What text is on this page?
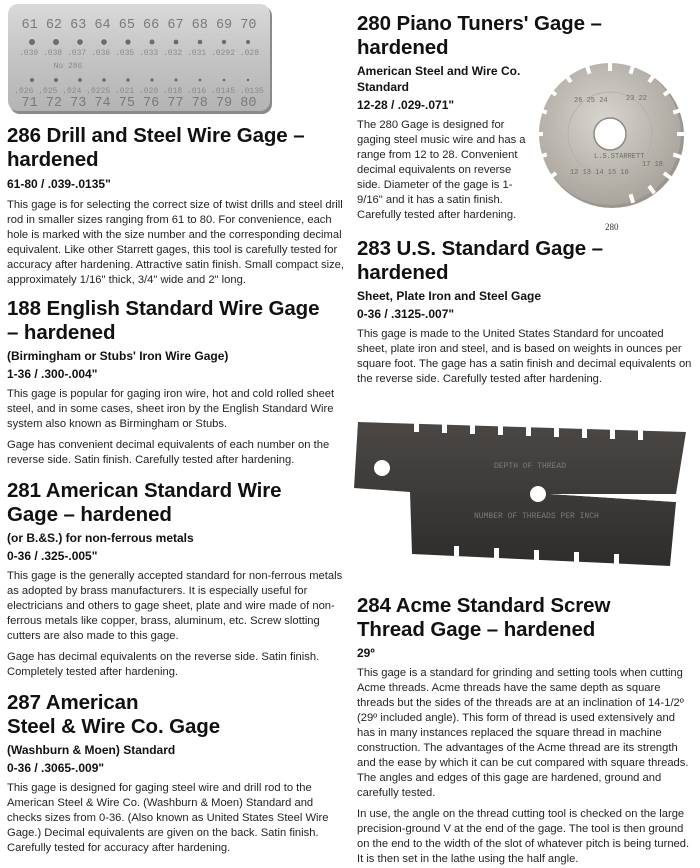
61 62 63 64 65 66 67 68 69 70
.039 .038 .037 .036 .035 .033 .032 .031 .0292 .028
No 286
.026 .025 .024 .0225 .021 .020 .018 .016 .0145 .0135
71 72 73 74 75 76 77 78 79 80	26 25 24	23 22
12 13 14 15 16
17 18
L.S.STARRETT
280
DEPTH OF THREAD
NUMBER OF THREADS PER INCH
286 Drill and Steel Wire Gage –
hardened
61-80 / .039-.0135"

This gage is for selecting the correct size of twist drills and steel drill rod in smaller sizes ranging from 61 to 80. For convenience, each hole is marked with the size number and the corresponding decimal equivalent. Like other Starrett gages, this tool is carefully tested for accuracy after hardening. Attractive satin finish. Small compact size, approximately 1/16" thick, 3/4" wide and 2" long.

188 English Standard Wire Gage
– hardened
(Birmingham or Stubs' Iron Wire Gage)
1-36 / .300-.004"

This gage is popular for gaging iron wire, hot and cold rolled sheet steel, and in some cases, sheet iron by the English Standard Wire system also known as Birmingham or Stubs.

Gage has convenient decimal equivalents of each number on the reverse side. Satin finish. Carefully tested after hardening.

281 American Standard Wire
Gage – hardened
(or B.&S.) for non-ferrous metals
0-36 / .325-.005"

This gage is the generally accepted standard for non-ferrous metals as adopted by brass manufacturers. It is especially useful for electricians and others to gage sheet, plate and wire made of non-ferrous metals like copper, brass, aluminum, etc. Screw slotting cutters are also made to this gage.

Gage has decimal equivalents on the reverse side. Satin finish. Completely tested after hardening.

287 American
Steel & Wire Co. Gage
(Washburn & Moen) Standard
0-36 / .3065-.009"

This gage is designed for gaging steel wire and drill rod to the American Steel & Wire Co. (Washburn & Moen) Standard and checks sizes from 0-36. (Also known as United States Steel Wire Gage.) Decimal equivalents are given on the back. Satin finish. Carefully tested for accuracy after hardening.

280 Piano Tuners' Gage –
hardened
American Steel and Wire Co.
Standard
12-28 / .029-.071"

The 280 Gage is designed for gaging steel music wire and has a range from 12 to 28. Convenient decimal equivalents on reverse side. Diameter of the gage is 1-9/16" and it has a satin finish. Carefully tested after hardening.

283 U.S. Standard Gage –
hardened
Sheet, Plate Iron and Steel Gage
0-36 / .3125-.007"

This gage is made to the United States Standard for uncoated sheet, plate iron and steel, and is based on weights in ounces per square foot. The gage has a satin finish and decimal equivalents on the reverse side. Carefully tested after hardening.

284 Acme Standard Screw
Thread Gage – hardened
29º

This gage is a standard for grinding and setting tools when cutting Acme threads. Acme threads have the same depth as square threads but the sides of the threads are at an inclination of 14-1/2º (29º included angle). This form of thread is used extensively and has in many instances replaced the square thread in machine construction. The advantages of the Acme thread are its strength and the ease by which it can be cut compared with square threads. The angles and edges of this gage are hardened, ground and carefully tested.

In use, the angle on the thread cutting tool is checked on the large precision-ground V at the end of the gage. The tool is then ground on the end to the width of the slot of whatever pitch is being turned. It is then set in the lathe using the half angle.
